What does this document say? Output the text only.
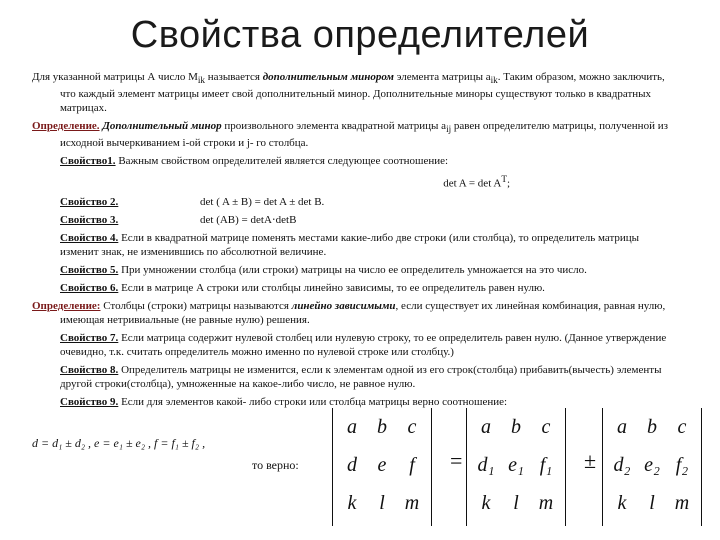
Свойства определителей

Для указанной матрицы А число $М_{ik}$ называется дополнительным минором элемента матрицы $a_{ik}$. Таким образом, можно заключить, что каждый элемент матрицы имеет свой дополнительный минор. Дополнительные миноры существуют только в квадратных матрицах.

Определение. Дополнительный минор произвольного элемента квадратной матрицы $a_{ij}$ равен определителю матрицы, полученной из исходной вычеркиванием i-ой строки и j- го столбца.

Свойство1. Важным свойством определителей является следующее соотношение:

$\det A = \det A^T$;

Свойство 2.	det ( A ± B) = det A ± det B.
Свойство 3.	det (AB) = detA⋅detB

Свойство 4. Если в квадратной матрице поменять местами какие-либо две строки (или столбца), то определитель матрицы изменит знак, не изменившись по абсолютной величине.

Свойство 5. При умножении столбца (или строки) матрицы на число ее определитель умножается на это число.

Свойство 6. Если в матрице А строки или столбцы линейно зависимы, то ее определитель равен нулю.

Определение: Столбцы (строки) матрицы называются линейно зависимыми, если существует их линейная комбинация, равная нулю, имеющая нетривиальные (не равные нулю) решения.

Свойство 7. Если матрица содержит нулевой столбец или нулевую строку, то ее определитель равен нулю. (Данное утверждение очевидно, т.к. считать определитель можно именно по нулевой строке или столбцу.)

Свойство 8. Определитель матрицы не изменится, если к элементам одной из его строк(столбца) прибавить(вычесть) элементы другой строки(столбца), умноженные на какое-либо число, не равное нулю.

Свойство 9. Если для элементов какой- либо строки или столбца матрицы верно соотношение:

d = d₁ ± d₂ , e = e₁ ± e₂ , f = f₁ ± f₂ ,
то верно:
a b c
d e f
k l m
=
a b c
d₁ e₁ f₁
k l m
±
a b c
d₂ e₂ f₂
k l m
